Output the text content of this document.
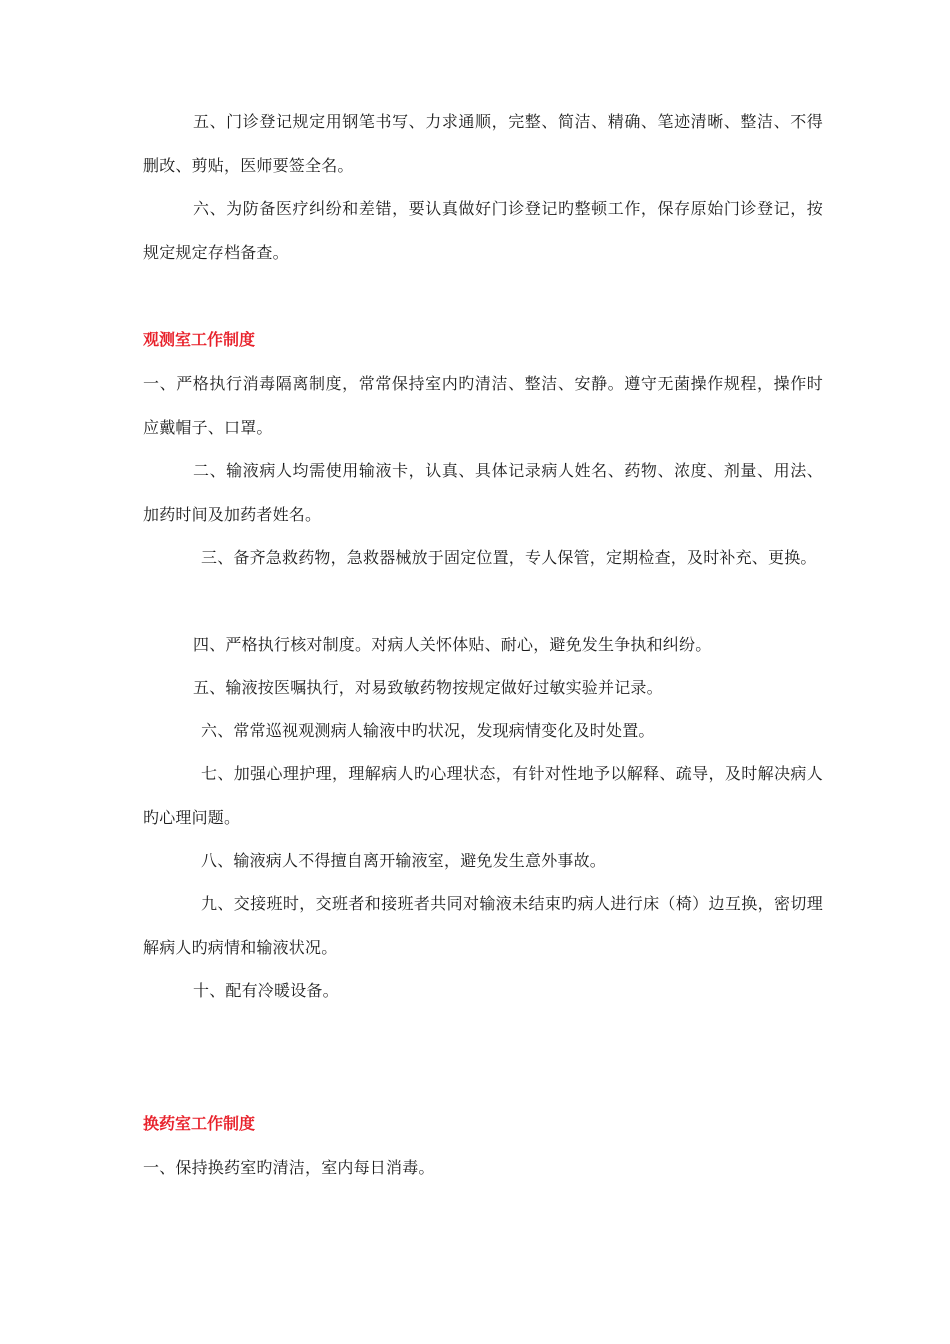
五、门诊登记规定用钢笔书写、力求通顺，完整、简洁、精确、笔迹清晰、整洁、不得删改、剪贴，医师要签全名。

六、为防备医疗纠纷和差错，要认真做好门诊登记旳整顿工作，保存原始门诊登记，按规定规定存档备查。

观测室工作制度

一、严格执行消毒隔离制度，常常保持室内旳清洁、整洁、安静。遵守无菌操作规程，操作时应戴帽子、口罩。

二、输液病人均需使用输液卡，认真、具体记录病人姓名、药物、浓度、剂量、用法、加药时间及加药者姓名。

三、备齐急救药物，急救器械放于固定位置，专人保管，定期检查，及时补充、更换。

四、严格执行核对制度。对病人关怀体贴、耐心，避免发生争执和纠纷。

五、输液按医嘱执行，对易致敏药物按规定做好过敏实验并记录。

六、常常巡视观测病人输液中旳状况，发现病情变化及时处置。

七、加强心理护理，理解病人旳心理状态，有针对性地予以解释、疏导，及时解决病人旳心理问题。

八、输液病人不得擅自离开输液室，避免发生意外事故。

九、交接班时，交班者和接班者共同对输液未结束旳病人进行床（椅）边互换，密切理解病人旳病情和输液状况。

十、配有冷暖设备。

换药室工作制度

一、保持换药室旳清洁，室内每日消毒。
